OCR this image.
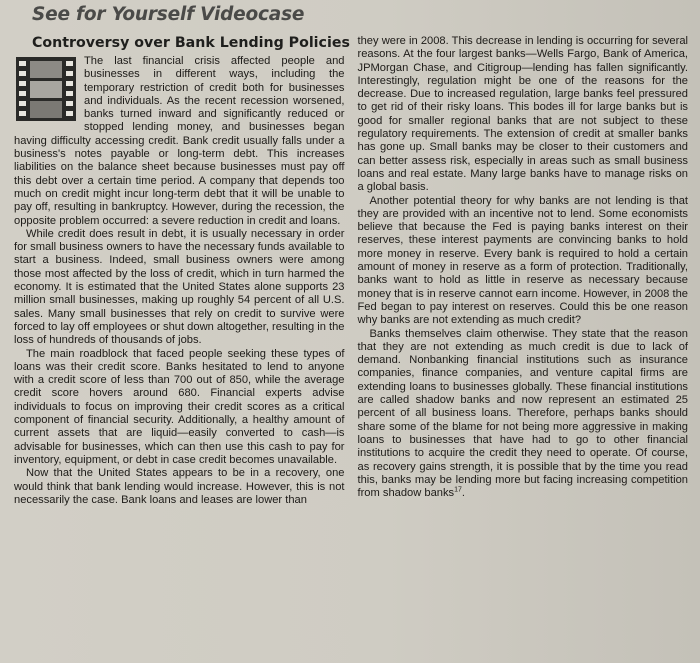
See for Yourself Videocase
Controversy over Bank Lending Policies

The last financial crisis affected people and businesses in different ways, including the temporary restriction of credit both for businesses and individuals. As the recent recession worsened, banks turned inward and significantly reduced or stopped lending money, and businesses began having difficulty accessing credit. Bank credit usually falls under a business's notes payable or long-term debt. This increases liabilities on the balance sheet because businesses must pay off this debt over a certain time period. A company that depends too much on credit might incur long-term debt that it will be unable to pay off, resulting in bankruptcy. However, during the recession, the opposite problem occurred: a severe reduction in credit and loans.

While credit does result in debt, it is usually necessary in order for small business owners to have the necessary funds available to start a business. Indeed, small business owners were among those most affected by the loss of credit, which in turn harmed the economy. It is estimated that the United States alone supports 23 million small businesses, making up roughly 54 percent of all U.S. sales. Many small businesses that rely on credit to survive were forced to lay off employees or shut down altogether, resulting in the loss of hundreds of thousands of jobs.

The main roadblock that faced people seeking these types of loans was their credit score. Banks hesitated to lend to anyone with a credit score of less than 700 out of 850, while the average credit score hovers around 680. Financial experts advise individuals to focus on improving their credit scores as a critical component of financial security. Additionally, a healthy amount of current assets that are liquid—easily converted to cash—is advisable for businesses, which can then use this cash to pay for inventory, equipment, or debt in case credit becomes unavailable.

Now that the United States appears to be in a recovery, one would think that bank lending would increase. However, this is not necessarily the case. Bank loans and leases are lower than

they were in 2008. This decrease in lending is occurring for several reasons. At the four largest banks—Wells Fargo, Bank of America, JPMorgan Chase, and Citigroup—lending has fallen significantly. Interestingly, regulation might be one of the reasons for the decrease. Due to increased regulation, large banks feel pressured to get rid of their risky loans. This bodes ill for large banks but is good for smaller regional banks that are not subject to these regulatory requirements. The extension of credit at smaller banks has gone up. Small banks may be closer to their customers and can better assess risk, especially in areas such as small business loans and real estate. Many large banks have to manage risks on a global basis.

Another potential theory for why banks are not lending is that they are provided with an incentive not to lend. Some economists believe that because the Fed is paying banks interest on their reserves, these interest payments are convincing banks to hold more money in reserve. Every bank is required to hold a certain amount of money in reserve as a form of protection. Traditionally, banks want to hold as little in reserve as necessary because money that is in reserve cannot earn income. However, in 2008 the Fed began to pay interest on reserves. Could this be one reason why banks are not extending as much credit?

Banks themselves claim otherwise. They state that the reason that they are not extending as much credit is due to lack of demand. Nonbanking financial institutions such as insurance companies, finance companies, and venture capital firms are extending loans to businesses globally. These financial institutions are called shadow banks and now represent an estimated 25 percent of all business loans. Therefore, perhaps banks should share some of the blame for not being more aggressive in making loans to businesses that have had to go to other financial institutions to acquire the credit they need to operate. Of course, as recovery gains strength, it is possible that by the time you read this, banks may be lending more but facing increasing competition from shadow banks$^{17}$.
